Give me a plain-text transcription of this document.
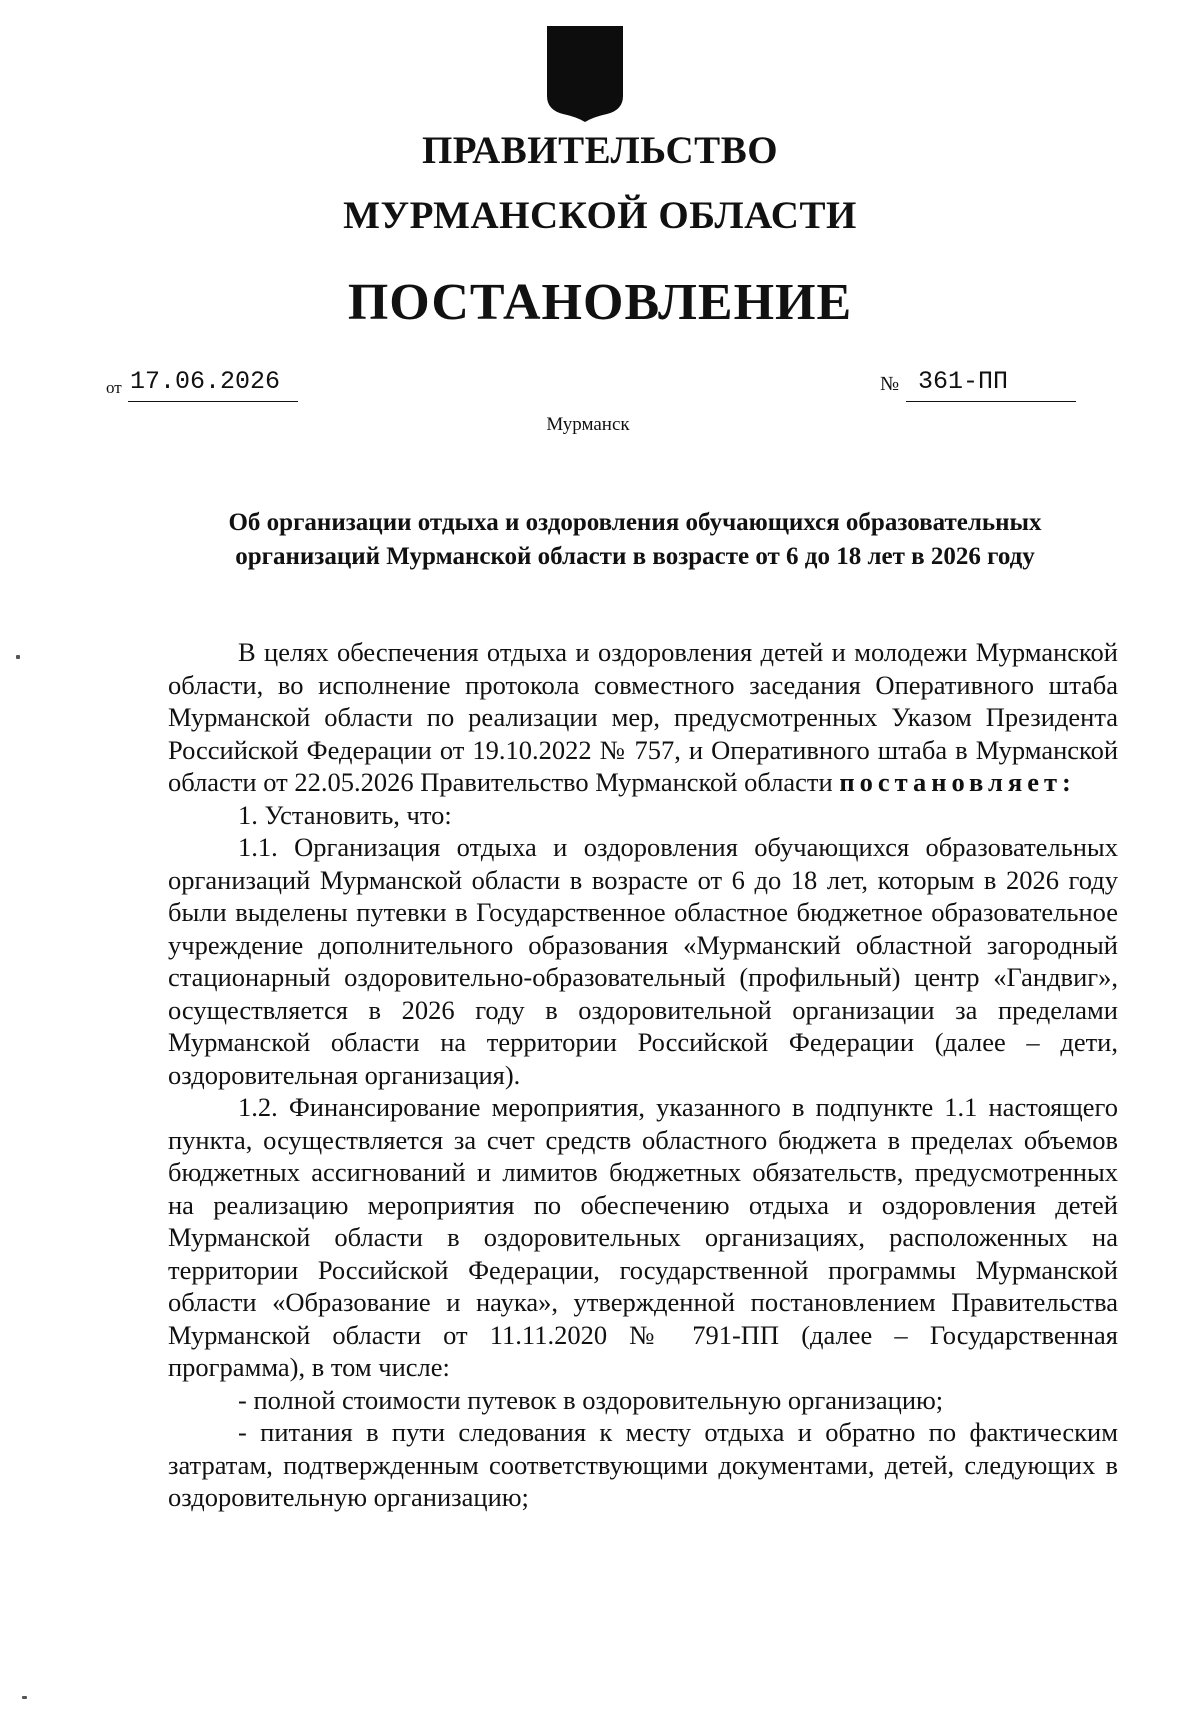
ПРАВИТЕЛЬСТВО
МУРМАНСКОЙ ОБЛАСТИ
ПОСТАНОВЛЕНИЕ
от 17.06.2026	№ 361-ПП
Мурманск
Об организации отдыха и оздоровления обучающихся образовательных
организаций Мурманской области в возрасте от 6 до 18 лет в 2026 году

В целях обеспечения отдыха и оздоровления детей и молодежи Мурманской области, во исполнение протокола совместного заседания Оперативного штаба Мурманской области по реализации мер, предусмотренных Указом Президента Российской Федерации от 19.10.2022 № 757, и Оперативного штаба в Мурманской области от 22.05.2026 Правительство Мурманской области постановляет:

1. Установить, что:

1.1. Организация отдыха и оздоровления обучающихся образовательных организаций Мурманской области в возрасте от 6 до 18 лет, которым в 2026 году были выделены путевки в Государственное областное бюджетное образовательное учреждение дополнительного образования «Мурманский областной загородный стационарный оздоровительно-образовательный (профильный) центр «Гандвиг», осуществляется в 2026 году в оздоровительной организации за пределами Мурманской области на территории Российской Федерации (далее – дети, оздоровительная организация).

1.2. Финансирование мероприятия, указанного в подпункте 1.1 настоящего пункта, осуществляется за счет средств областного бюджета в пределах объемов бюджетных ассигнований и лимитов бюджетных обязательств, предусмотренных на реализацию мероприятия по обеспечению отдыха и оздоровления детей Мурманской области в оздоровительных организациях, расположенных на территории Российской Федерации, государственной программы Мурманской области «Образование и наука», утвержденной постановлением Правительства Мурманской области от 11.11.2020 № 791-ПП (далее – Государственная программа), в том числе:

- полной стоимости путевок в оздоровительную организацию;

- питания в пути следования к месту отдыха и обратно по фактическим затратам, подтвержденным соответствующими документами, детей, следующих в оздоровительную организацию;
